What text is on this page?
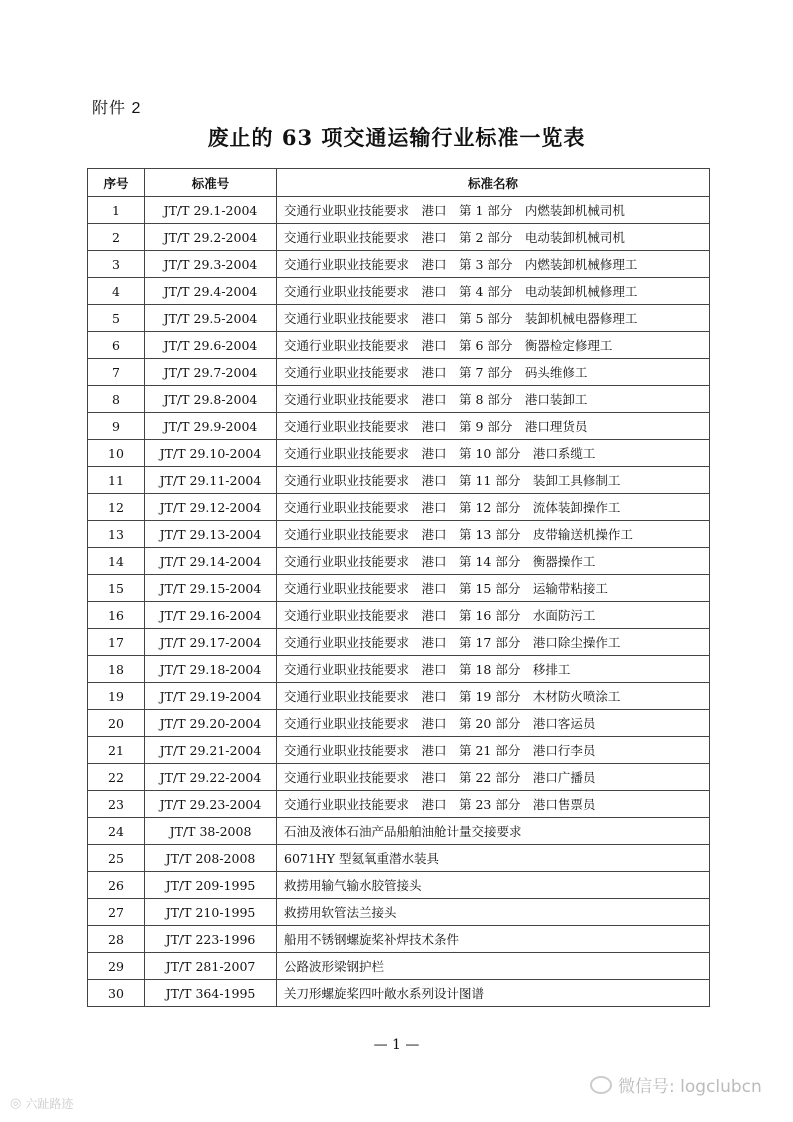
附件 2
废止的 63 项交通运输行业标准一览表
序号	标准号	标准名称
1	JT/T 29.1-2004	交通行业职业技能要求　港口　第 1 部分　内燃装卸机械司机
2	JT/T 29.2-2004	交通行业职业技能要求　港口　第 2 部分　电动装卸机械司机
3	JT/T 29.3-2004	交通行业职业技能要求　港口　第 3 部分　内燃装卸机械修理工
4	JT/T 29.4-2004	交通行业职业技能要求　港口　第 4 部分　电动装卸机械修理工
5	JT/T 29.5-2004	交通行业职业技能要求　港口　第 5 部分　装卸机械电器修理工
6	JT/T 29.6-2004	交通行业职业技能要求　港口　第 6 部分　衡器检定修理工
7	JT/T 29.7-2004	交通行业职业技能要求　港口　第 7 部分　码头维修工
8	JT/T 29.8-2004	交通行业职业技能要求　港口　第 8 部分　港口装卸工
9	JT/T 29.9-2004	交通行业职业技能要求　港口　第 9 部分　港口理货员
10	JT/T 29.10-2004	交通行业职业技能要求　港口　第 10 部分　港口系缆工
11	JT/T 29.11-2004	交通行业职业技能要求　港口　第 11 部分　装卸工具修制工
12	JT/T 29.12-2004	交通行业职业技能要求　港口　第 12 部分　流体装卸操作工
13	JT/T 29.13-2004	交通行业职业技能要求　港口　第 13 部分　皮带输送机操作工
14	JT/T 29.14-2004	交通行业职业技能要求　港口　第 14 部分　衡器操作工
15	JT/T 29.15-2004	交通行业职业技能要求　港口　第 15 部分　运输带粘接工
16	JT/T 29.16-2004	交通行业职业技能要求　港口　第 16 部分　水面防污工
17	JT/T 29.17-2004	交通行业职业技能要求　港口　第 17 部分　港口除尘操作工
18	JT/T 29.18-2004	交通行业职业技能要求　港口　第 18 部分　移排工
19	JT/T 29.19-2004	交通行业职业技能要求　港口　第 19 部分　木材防火喷涂工
20	JT/T 29.20-2004	交通行业职业技能要求　港口　第 20 部分　港口客运员
21	JT/T 29.21-2004	交通行业职业技能要求　港口　第 21 部分　港口行李员
22	JT/T 29.22-2004	交通行业职业技能要求　港口　第 22 部分　港口广播员
23	JT/T 29.23-2004	交通行业职业技能要求　港口　第 23 部分　港口售票员
24	JT/T 38-2008	石油及液体石油产品船舶油舱计量交接要求
25	JT/T 208-2008	6071HY 型氦氧重潜水装具
26	JT/T 209-1995	救捞用输气输水胶管接头
27	JT/T 210-1995	救捞用软管法兰接头
28	JT/T 223-1996	船用不锈钢螺旋桨补焊技术条件
29	JT/T 281-2007	公路波形梁钢护栏
30	JT/T 364-1995	关刀形螺旋桨四叶敞水系列设计图谱
— 1 —
微信号: logclubcn
◎ 六趾路迹
